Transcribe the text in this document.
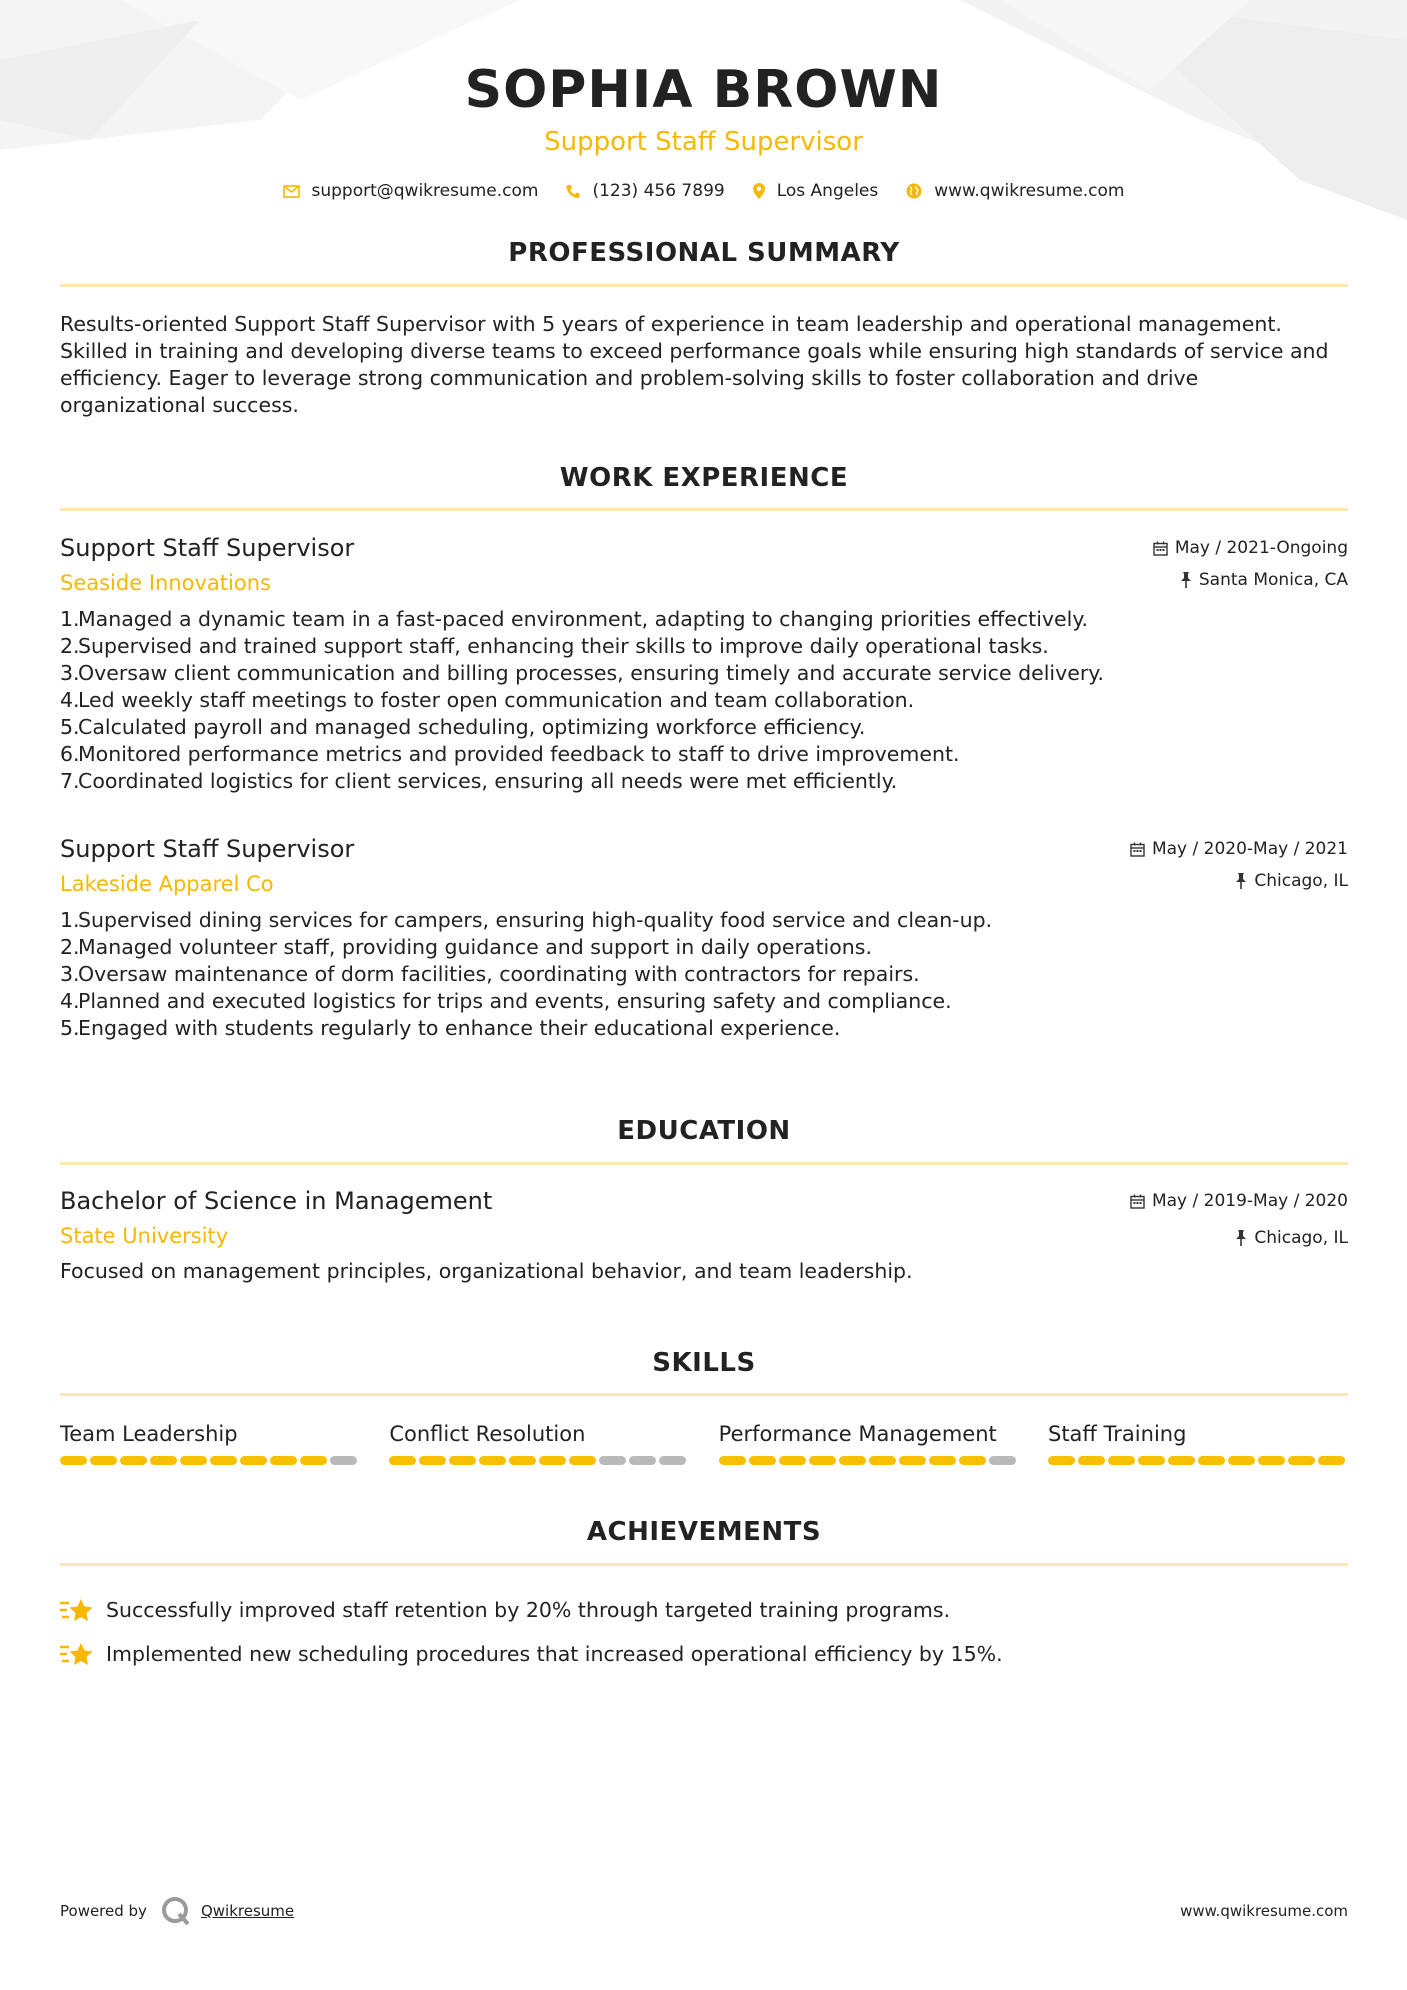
SOPHIA BROWN
Support Staff Supervisor
support@qwikresume.com	(123) 456 7899	Los Angeles	www.qwikresume.com
PROFESSIONAL SUMMARY
Results-oriented Support Staff Supervisor with 5 years of experience in team leadership and operational management. Skilled in training and developing diverse teams to exceed performance goals while ensuring high standards of service and efficiency. Eager to leverage strong communication and problem-solving skills to foster collaboration and drive organizational success.
WORK EXPERIENCE
Support Staff Supervisor
Seaside Innovations
May / 2021-Ongoing
Santa Monica, CA
1.
Managed a dynamic team in a fast-paced environment, adapting to changing priorities effectively.
2.
Supervised and trained support staff, enhancing their skills to improve daily operational tasks.
3.
Oversaw client communication and billing processes, ensuring timely and accurate service delivery.
4.
Led weekly staff meetings to foster open communication and team collaboration.
5.
Calculated payroll and managed scheduling, optimizing workforce efficiency.
6.
Monitored performance metrics and provided feedback to staff to drive improvement.
7.
Coordinated logistics for client services, ensuring all needs were met efficiently.
Support Staff Supervisor
Lakeside Apparel Co
May / 2020-May / 2021
Chicago, IL
1.
Supervised dining services for campers, ensuring high-quality food service and clean-up.
2.
Managed volunteer staff, providing guidance and support in daily operations.
3.
Oversaw maintenance of dorm facilities, coordinating with contractors for repairs.
4.
Planned and executed logistics for trips and events, ensuring safety and compliance.
5.
Engaged with students regularly to enhance their educational experience.
EDUCATION
Bachelor of Science in Management
State University
May / 2019-May / 2020
Chicago, IL
Focused on management principles, organizational behavior, and team leadership.
SKILLS
Team Leadership	Conflict Resolution	Performance Management	Staff Training
ACHIEVEMENTS
Successfully improved staff retention by 20% through targeted training programs.
Implemented new scheduling procedures that increased operational efficiency by 15%.
Powered by	Qwikresume	www.qwikresume.com
